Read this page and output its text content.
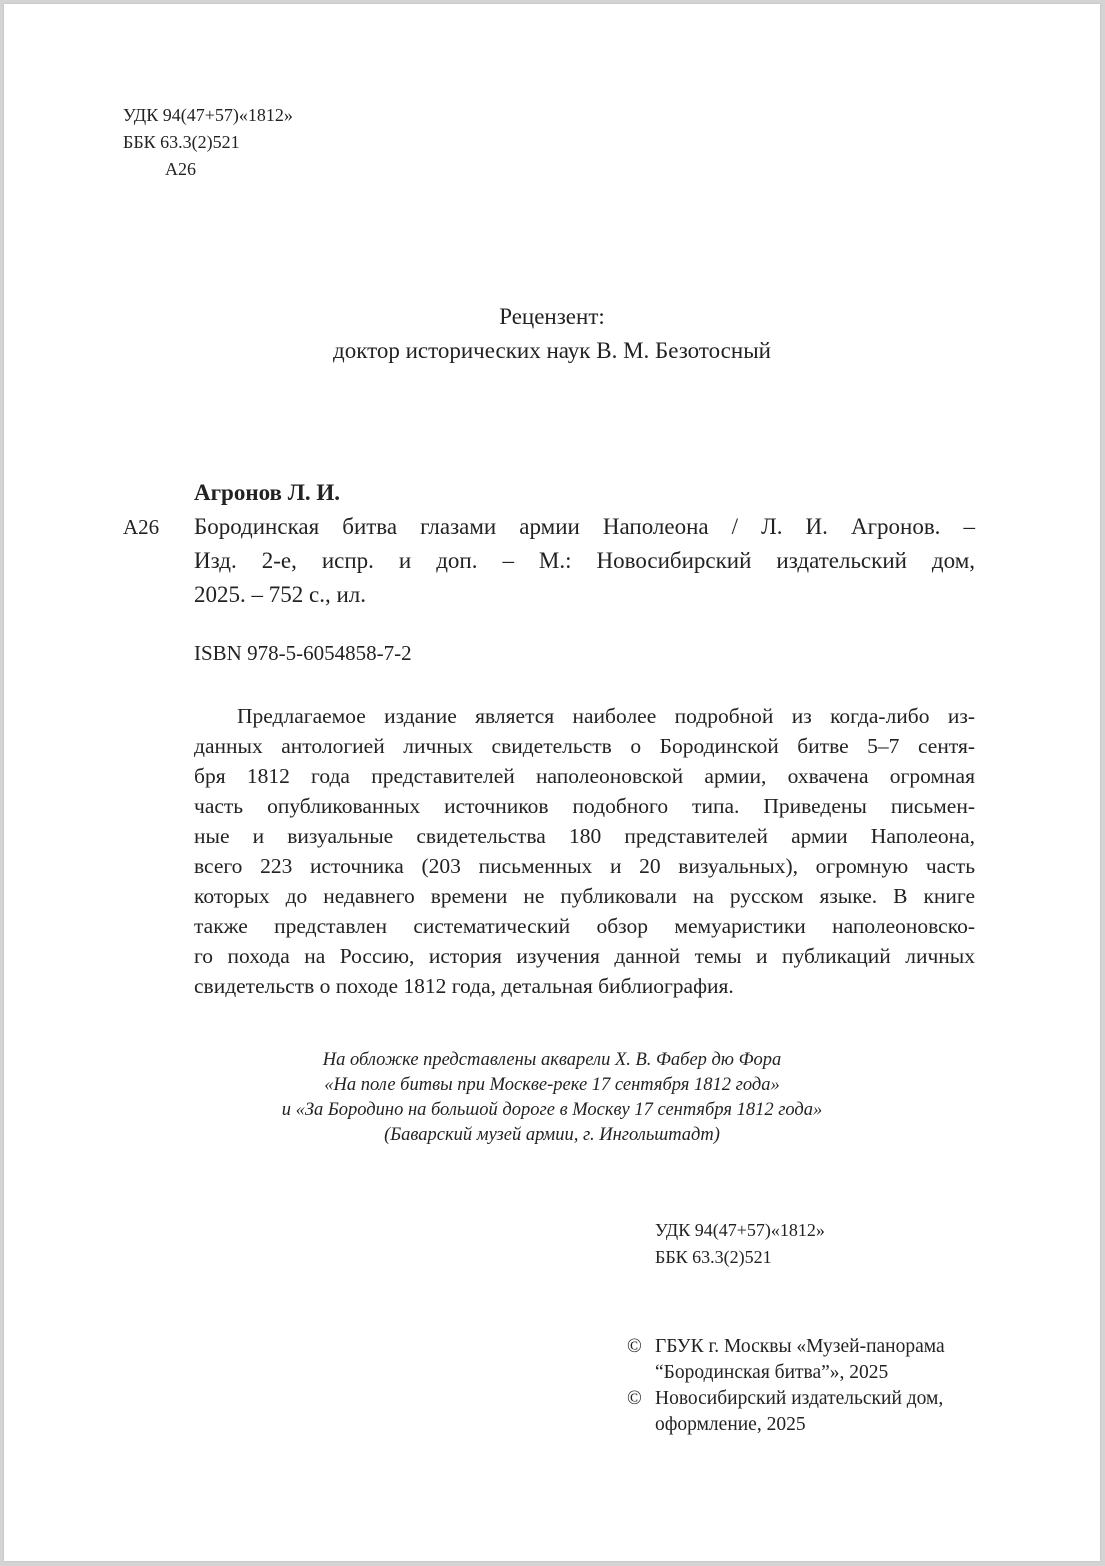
УДК 94(47+57)«1812»
ББК 63.3(2)521
А26
Рецензент:
доктор исторических наук В. М. Безотосный
Агронов Л. И.
А26	Бородинская битва глазами армии Наполеона / Л. И. Агронов. –
Изд. 2-е, испр. и доп. – М.: Новосибирский издательский дом,
2025. – 752 с., ил.
ISBN 978-5-6054858-7-2
Предлагаемое издание является наиболее подробной из когда-либо из-
данных антологией личных свидетельств о Бородинской битве 5–7 сентя-
бря 1812 года представителей наполеоновской армии, охвачена огромная
часть опубликованных источников подобного типа. Приведены письмен-
ные и визуальные свидетельства 180 представителей армии Наполеона,
всего 223 источника (203 письменных и 20 визуальных), огромную часть
которых до недавнего времени не публиковали на русском языке. В книге
также представлен систематический обзор мемуаристики наполеоновско-
го похода на Россию, история изучения данной темы и публикаций личных
свидетельств о походе 1812 года, детальная библиография.
На обложке представлены акварели Х. В. Фабер дю Фора
«На поле битвы при Москве-реке 17 сентября 1812 года»
и «За Бородино на большой дороге в Москву 17 сентября 1812 года»
(Баварский музей армии, г. Ингольштадт)
УДК 94(47+57)«1812»
ББК 63.3(2)521
© ГБУК г. Москвы «Музей-панорама
“Бородинская битва”», 2025
© Новосибирский издательский дом,
оформление, 2025
